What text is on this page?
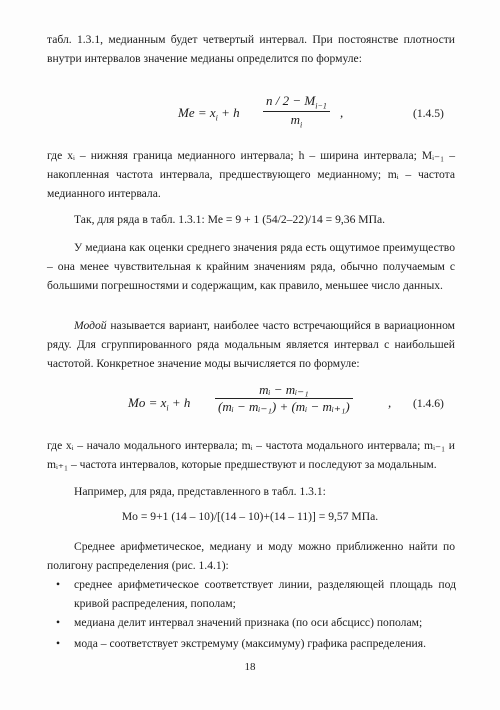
табл. 1.3.1, медианным будет четвертый интервал. При постоянстве плотности внутри интервалов значение медианы определится по формуле:

$Me = x_i + h \frac{n / 2 - M_{i-1}}{m_i}$ ,	(1.4.5)

где xᵢ – нижняя граница медианного интервала; h – ширина интервала; Mᵢ₋₁ – накопленная частота интервала, предшествующего медианному; mᵢ – частота медианного интервала.

Так, для ряда в табл. 1.3.1: Me = 9 + 1 (54/2–22)/14 = 9,36 МПа.

У медиана как оценки среднего значения ряда есть ощутимое преимущество – она менее чувствительная к крайним значениям ряда, обычно получаемым с большими погрешностями и содержащим, как правило, меньшее число данных.

Модой называется вариант, наиболее часто встречающийся в вариационном ряду. Для сгруппированного ряда модальным является интервал с наибольшей частотой. Конкретное значение моды вычисляется по формуле:

$Mo = x_i + h \frac{\text{mᵢ − mᵢ₋₁}}{\text{(mᵢ − mᵢ₋₁) + (mᵢ − mᵢ₊₁)}}$	, (1.4.6)

где xᵢ – начало модального интервала; mᵢ – частота модального интервала; mᵢ₋₁ и mᵢ₊₁ – частота интервалов, которые предшествуют и последуют за модальным.

Например, для ряда, представленного в табл. 1.3.1:

Mo = 9+1 (14 – 10)/[(14 – 10)+(14 – 11)] = 9,57 МПа.

Среднее арифметическое, медиану и моду можно приближенно найти по полигону распределения (рис. 1.4.1):

• среднее арифметическое соответствует линии, разделяющей площадь под кривой распределения, пополам;
• медиана делит интервал значений признака (по оси абсцисс) пополам;
• мода – соответствует экстремуму (максимуму) графика распределения.
18
